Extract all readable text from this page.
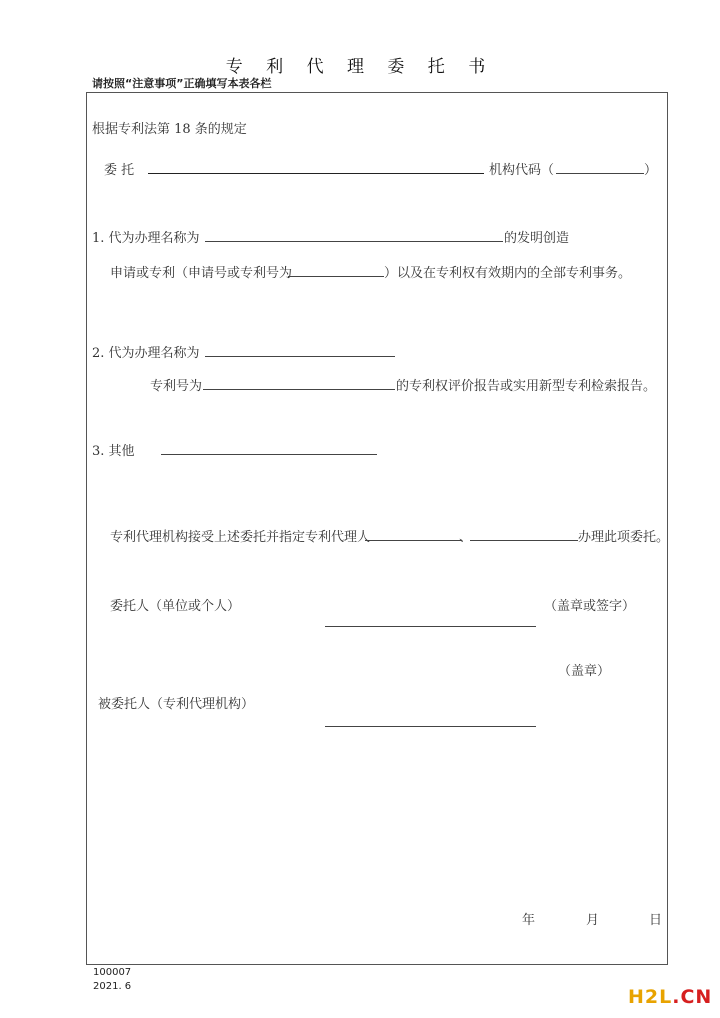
专 利 代 理 委 托 书
请按照“注意事项”正确填写本表各栏
根据专利法第 18 条的规定
委 托	机构代码（	）
1. 代为办理名称为	的发明创造
申请或专利（申请号或专利号为	）以及在专利权有效期内的全部专利事务。
2. 代为办理名称为
专利号为	的专利权评价报告或实用新型专利检索报告。
3. 其他
专利代理机构接受上述委托并指定专利代理人	、	办理此项委托。
委托人（单位或个人）	（盖章或签字）
（盖章）
被委托人（专利代理机构）
年	月	日
100007
2021. 6	H2L.CN
